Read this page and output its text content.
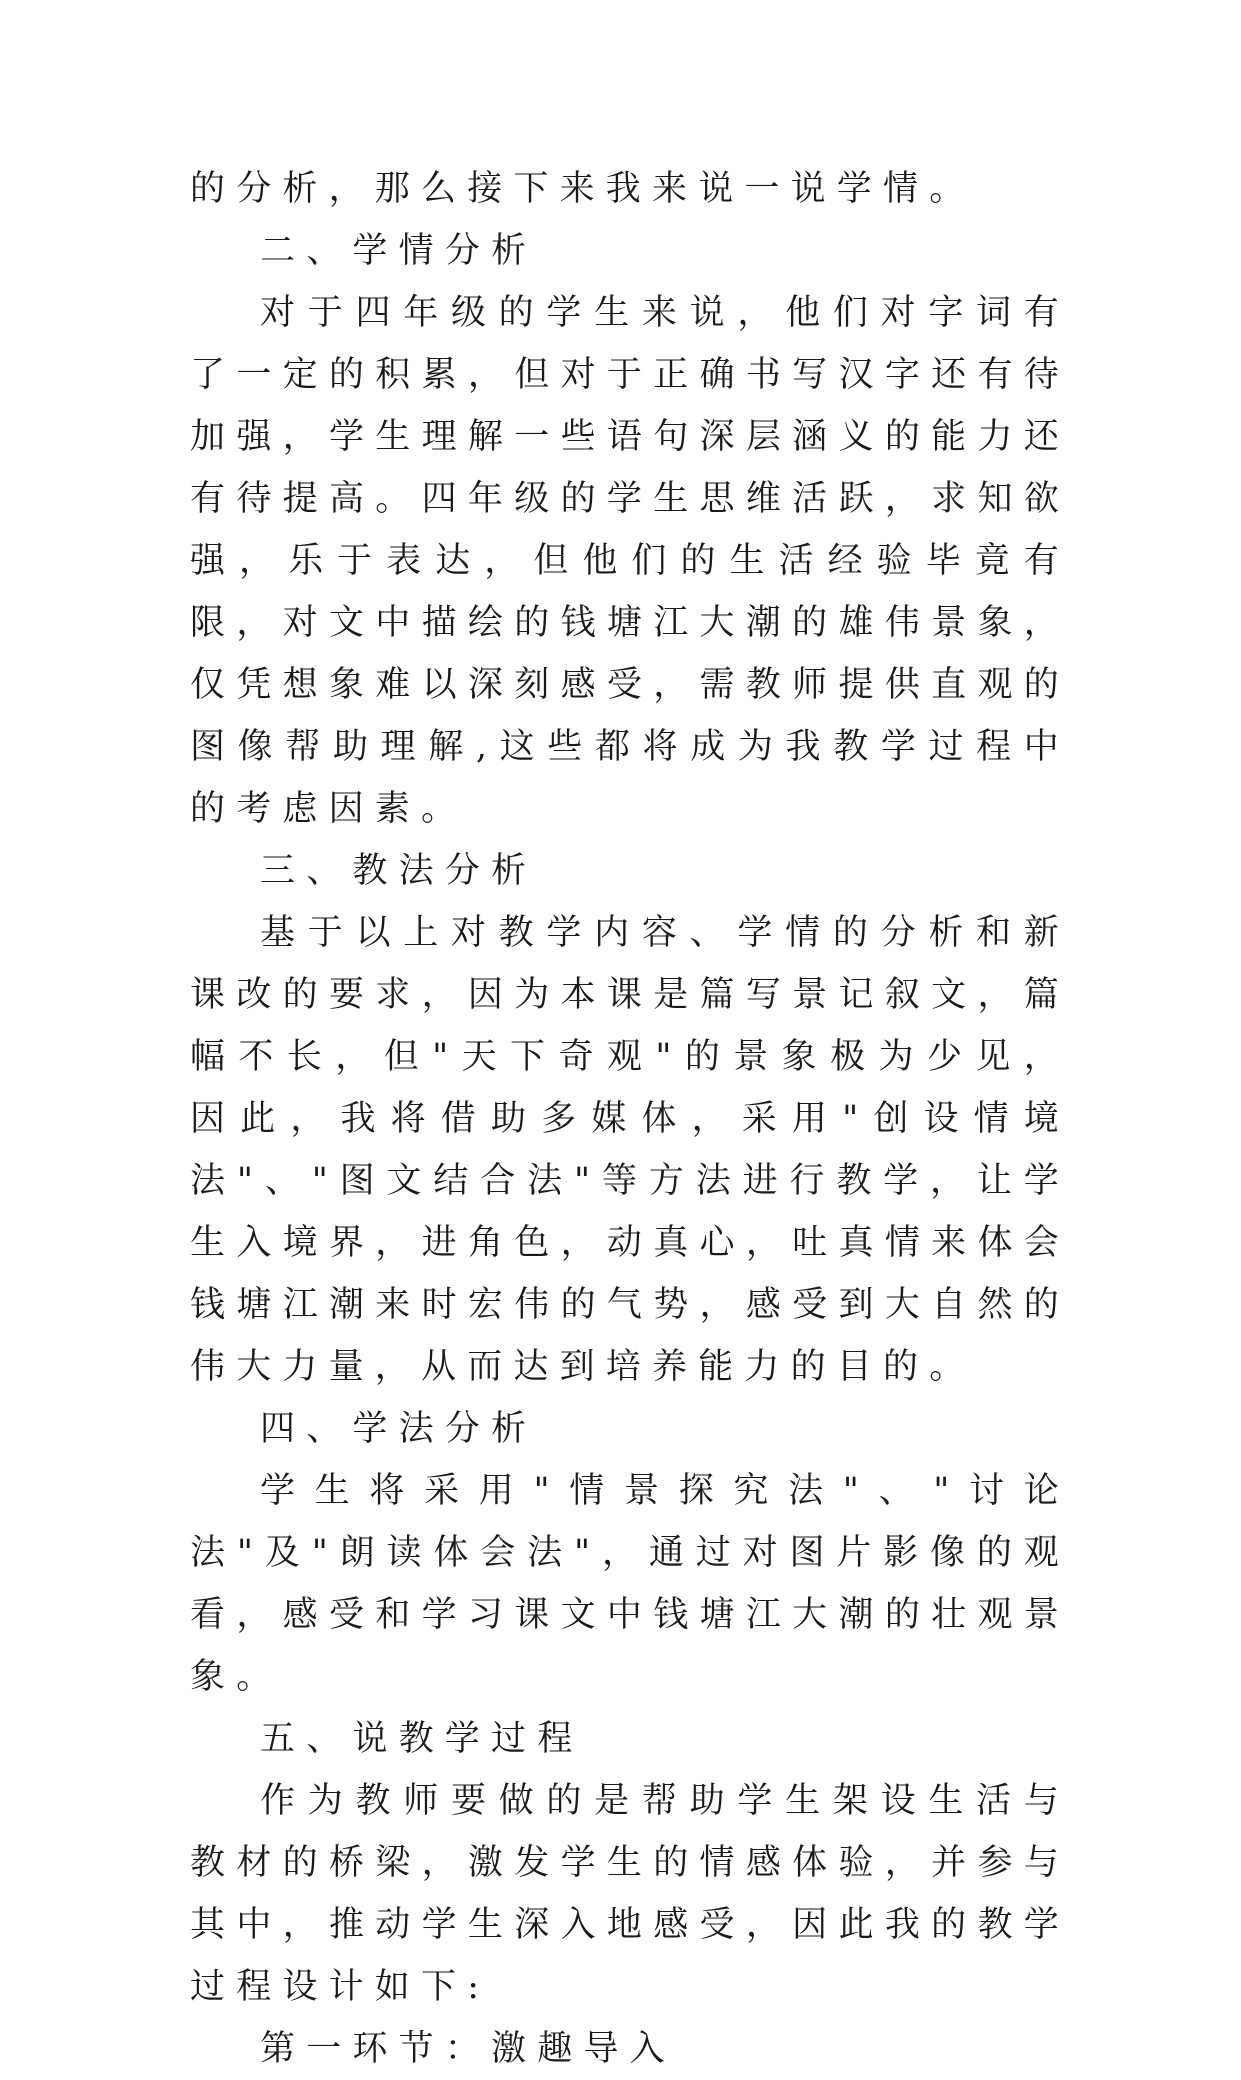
的分析，那么接下来我来说一说学情。

二、学情分析

对于四年级的学生来说，他们对字词有了一定的积累，但对于正确书写汉字还有待加强，学生理解一些语句深层涵义的能力还有待提高。四年级的学生思维活跃，求知欲强，乐于表达，但他们的生活经验毕竟有限，对文中描绘的钱塘江大潮的雄伟景象，仅凭想象难以深刻感受，需教师提供直观的图像帮助理解,这些都将成为我教学过程中的考虑因素。

三、教法分析

基于以上对教学内容、学情的分析和新课改的要求，因为本课是篇写景记叙文，篇幅不长，但"天下奇观"的景象极为少见，因此，我将借助多媒体，采用"创设情境法"、"图文结合法"等方法进行教学，让学生入境界，进角色，动真心，吐真情来体会钱塘江潮来时宏伟的气势，感受到大自然的伟大力量，从而达到培养能力的目的。

四、学法分析

学生将采用"情景探究法"、"讨论法"及"朗读体会法"，通过对图片影像的观看，感受和学习课文中钱塘江大潮的壮观景象。

五、说教学过程

作为教师要做的是帮助学生架设生活与教材的桥梁，激发学生的情感体验，并参与其中，推动学生深入地感受，因此我的教学过程设计如下:

第一环节：激趣导入
